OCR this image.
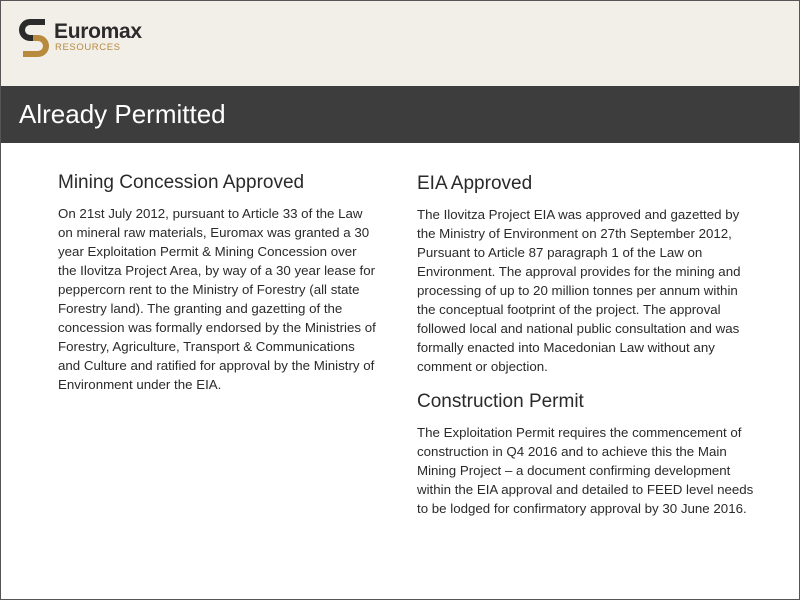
Euromax
RESOURCES
Already Permitted
Mining Concession Approved

On 21st July 2012, pursuant to Article 33 of the Law on mineral raw materials, Euromax was granted a 30 year Exploitation Permit & Mining Concession over the Ilovitza Project Area, by way of a 30 year lease for peppercorn rent to the Ministry of Forestry (all state Forestry land). The granting and gazetting of the concession was formally endorsed by the Ministries of Forestry, Agriculture, Transport & Communications and Culture and ratified for approval by the Ministry of Environment under the EIA.

EIA Approved

The Ilovitza Project EIA was approved and gazetted by the Ministry of Environment on 27th September 2012, Pursuant to Article 87 paragraph 1 of the Law on Environment. The approval provides for the mining and processing of up to 20 million tonnes per annum within the conceptual footprint of the project. The approval followed local and national public consultation and was formally enacted into Macedonian Law without any comment or objection.

Construction Permit

The Exploitation Permit requires the commencement of construction in Q4 2016 and to achieve this the Main Mining Project – a document confirming development within the EIA approval and detailed to FEED level needs to be lodged for confirmatory approval by 30 June 2016.
